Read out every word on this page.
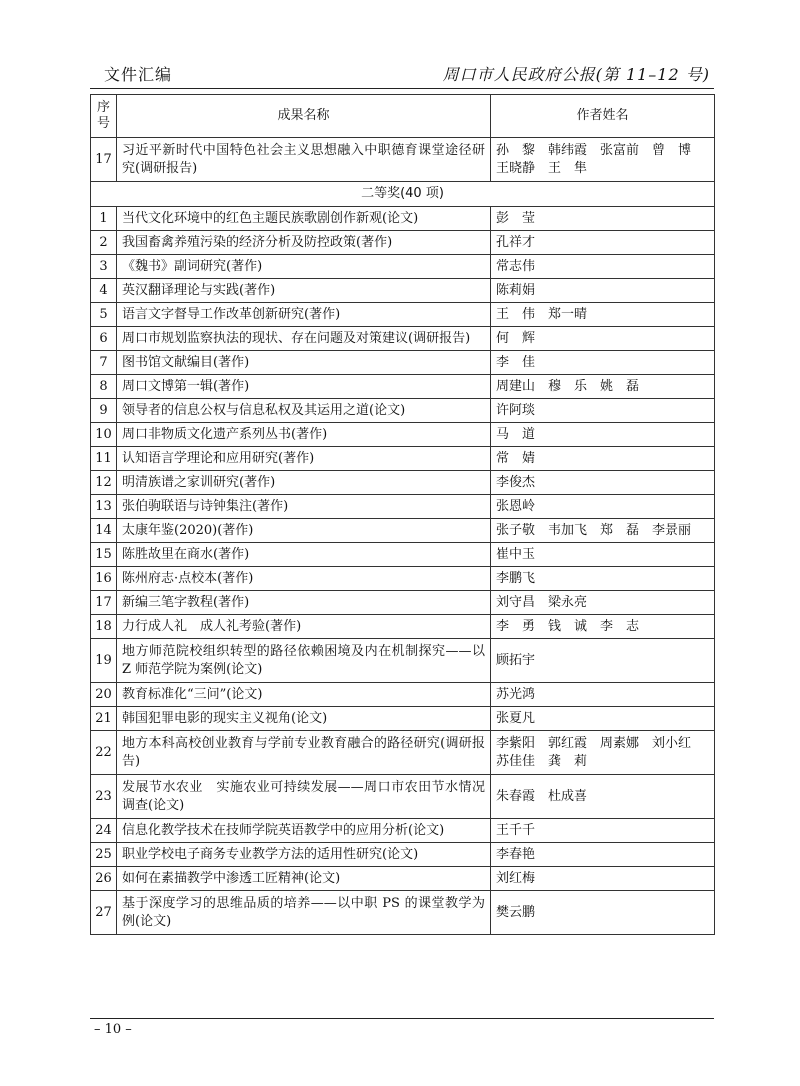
文件汇编	周口市人民政府公报(第 11–12 号)
序
号	成果名称	作者姓名
17	习近平新时代中国特色社会主义思想融入中职德育课堂途径研究(调研报告)	孙　黎　韩纬霞　张富前　曾　博
王晓静　王　隼
二等奖(40 项)		
1	当代文化环境中的红色主题民族歌剧创作新观(论文)	彭　莹
2	我国畜禽养殖污染的经济分析及防控政策(著作)	孔祥才
3	《魏书》副词研究(著作)	常志伟
4	英汉翻译理论与实践(著作)	陈莉娟
5	语言文字督导工作改革创新研究(著作)	王　伟　郑一晴
6	周口市规划监察执法的现状、存在问题及对策建议(调研报告)	何　辉
7	图书馆文献编目(著作)	李　佳
8	周口文博第一辑(著作)	周建山　穆　乐　姚　磊
9	领导者的信息公权与信息私权及其运用之道(论文)	许阿琰
10	周口非物质文化遗产系列丛书(著作)	马　道
11	认知语言学理论和应用研究(著作)	常　婧
12	明清族谱之家训研究(著作)	李俊杰
13	张伯驹联语与诗钟集注(著作)	张恩岭
14	太康年鉴(2020)(著作)	张子敬　韦加飞　郑　磊　李景丽
15	陈胜故里在商水(著作)	崔中玉
16	陈州府志·点校本(著作)	李鹏飞
17	新编三笔字教程(著作)	刘守昌　梁永亮
18	力行成人礼　成人礼考验(著作)	李　勇　钱　诚　李　志
19	地方师范院校组织转型的路径依赖困境及内在机制探究——以 Z 师范学院为案例(论文)	顾拓宇
20	教育标准化“三问”(论文)	苏光鸿
21	韩国犯罪电影的现实主义视角(论文)	张夏凡
22	地方本科高校创业教育与学前专业教育融合的路径研究(调研报告)	李紫阳　郭红霞　周素娜　刘小红
苏佳佳　龚　莉
23	发展节水农业　实施农业可持续发展——周口市农田节水情况调查(论文)	朱春霞　杜成喜
24	信息化教学技术在技师学院英语教学中的应用分析(论文)	王千千
25	职业学校电子商务专业教学方法的适用性研究(论文)	李春艳
26	如何在素描教学中渗透工匠精神(论文)	刘红梅
27	基于深度学习的思维品质的培养——以中职 PS 的课堂教学为例(论文)	樊云鹏
– 10 –
